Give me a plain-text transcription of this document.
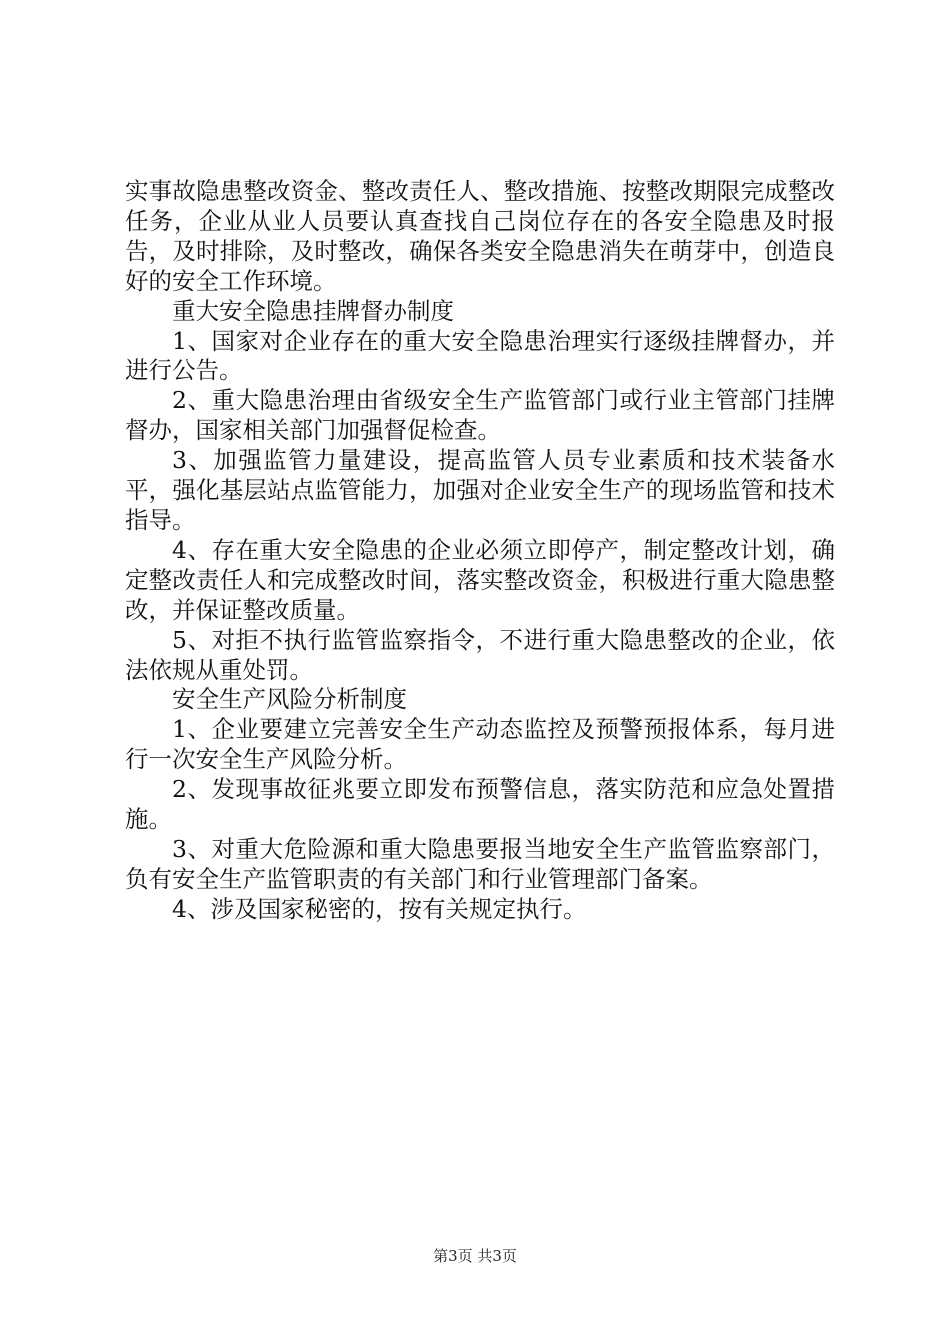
实事故隐患整改资金、整改责任人、整改措施、按整改期限完成整改任务，企业从业人员要认真查找自己岗位存在的各安全隐患及时报告，及时排除，及时整改，确保各类安全隐患消失在萌芽中，创造良好的安全工作环境。

重大安全隐患挂牌督办制度

1、国家对企业存在的重大安全隐患治理实行逐级挂牌督办，并进行公告。

2、重大隐患治理由省级安全生产监管部门或行业主管部门挂牌督办，国家相关部门加强督促检查。

3、加强监管力量建设，提高监管人员专业素质和技术装备水平，强化基层站点监管能力，加强对企业安全生产的现场监管和技术指导。

4、存在重大安全隐患的企业必须立即停产，制定整改计划，确定整改责任人和完成整改时间，落实整改资金，积极进行重大隐患整改，并保证整改质量。

5、对拒不执行监管监察指令，不进行重大隐患整改的企业，依法依规从重处罚。

安全生产风险分析制度

1、企业要建立完善安全生产动态监控及预警预报体系，每月进行一次安全生产风险分析。

2、发现事故征兆要立即发布预警信息，落实防范和应急处置措施。

3、对重大危险源和重大隐患要报当地安全生产监管监察部门，负有安全生产监管职责的有关部门和行业管理部门备案。

4、涉及国家秘密的，按有关规定执行。

第3页 共3页
